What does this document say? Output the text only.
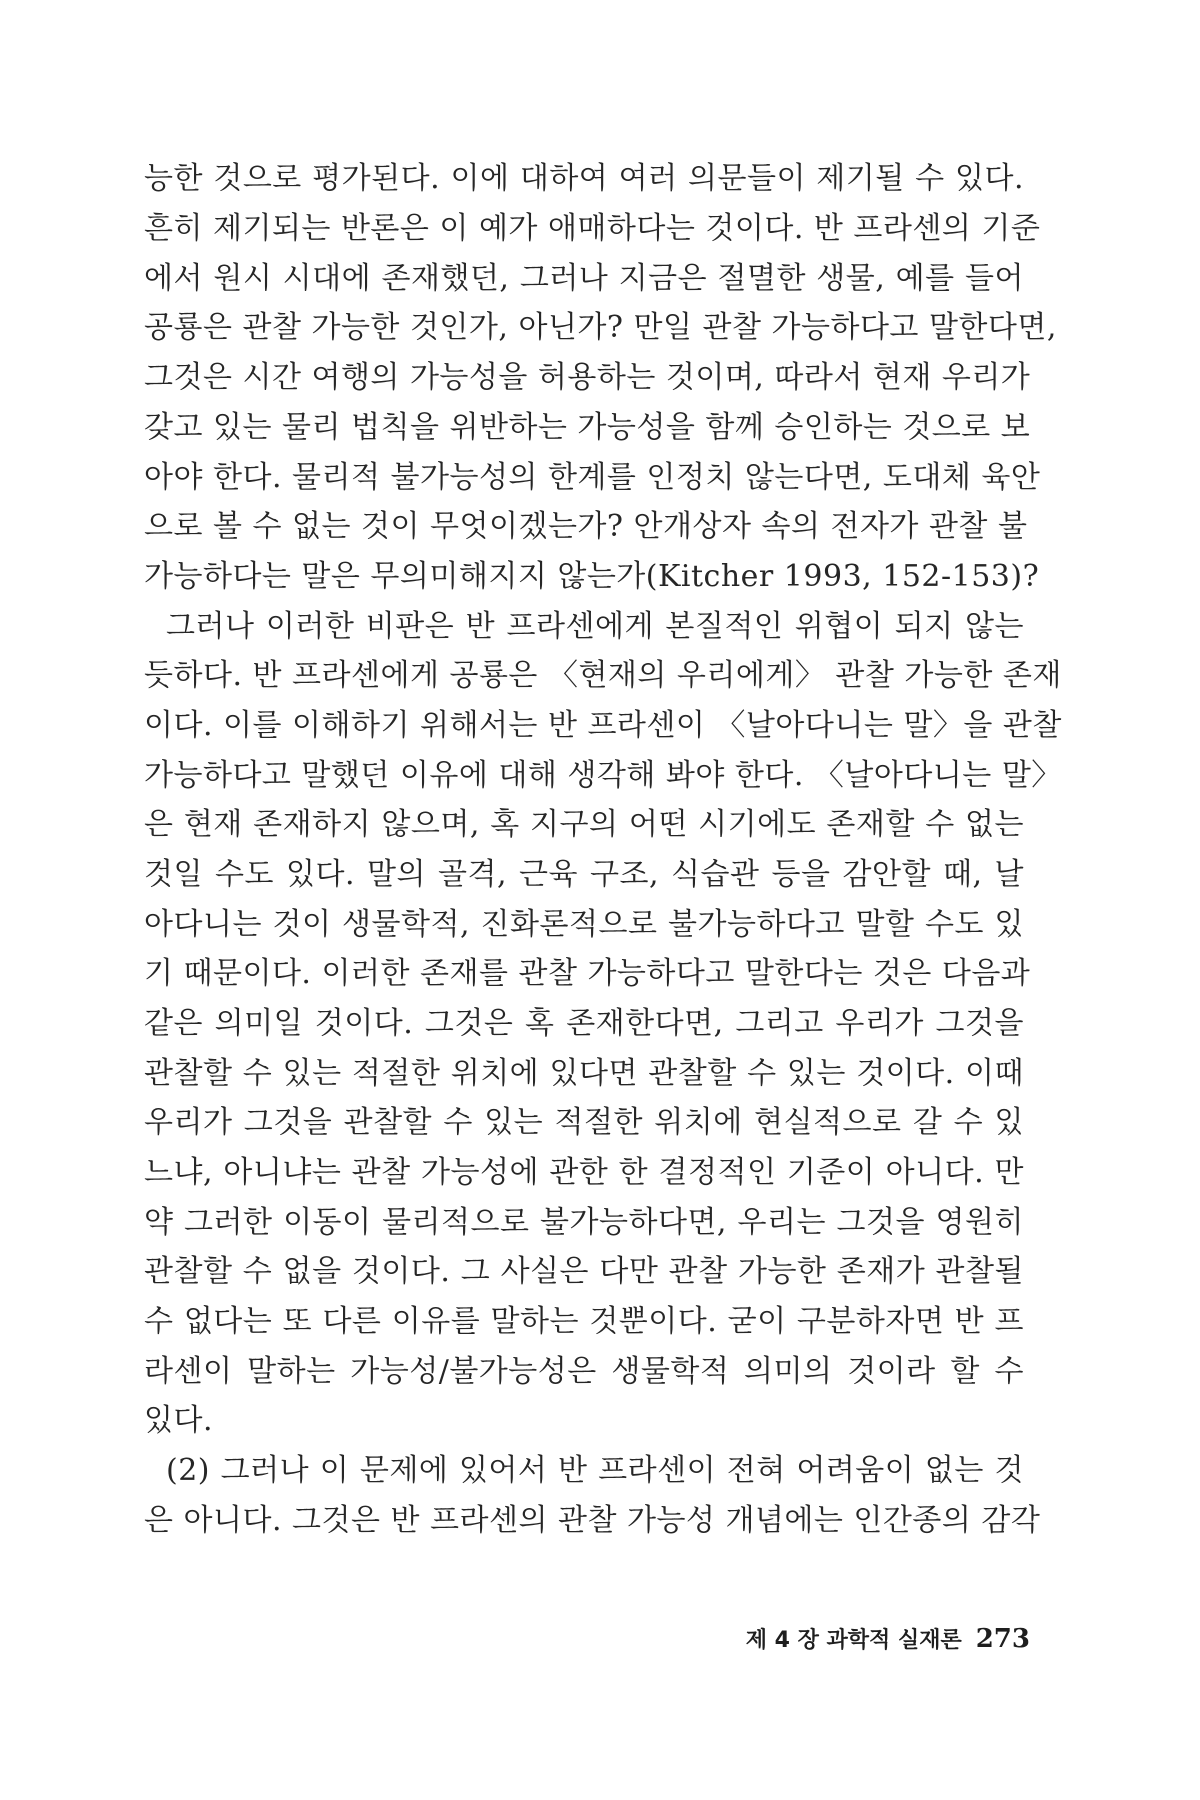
능한 것으로 평가된다. 이에 대하여 여러 의문들이 제기될 수 있다.
흔히 제기되는 반론은 이 예가 애매하다는 것이다. 반 프라센의 기준
에서 원시 시대에 존재했던, 그러나 지금은 절멸한 생물, 예를 들어
공룡은 관찰 가능한 것인가, 아닌가? 만일 관찰 가능하다고 말한다면,
그것은 시간 여행의 가능성을 허용하는 것이며, 따라서 현재 우리가
갖고 있는 물리 법칙을 위반하는 가능성을 함께 승인하는 것으로 보
아야 한다. 물리적 불가능성의 한계를 인정치 않는다면, 도대체 육안
으로 볼 수 없는 것이 무엇이겠는가? 안개상자 속의 전자가 관찰 불
가능하다는 말은 무의미해지지 않는가(Kitcher 1993, 152-153)?
그러나 이러한 비판은 반 프라센에게 본질적인 위협이 되지 않는
듯하다. 반 프라센에게 공룡은 〈현재의 우리에게〉 관찰 가능한 존재
이다. 이를 이해하기 위해서는 반 프라센이 〈날아다니는 말〉을 관찰
가능하다고 말했던 이유에 대해 생각해 봐야 한다. 〈날아다니는 말〉
은 현재 존재하지 않으며, 혹 지구의 어떤 시기에도 존재할 수 없는
것일 수도 있다. 말의 골격, 근육 구조, 식습관 등을 감안할 때, 날
아다니는 것이 생물학적, 진화론적으로 불가능하다고 말할 수도 있
기 때문이다. 이러한 존재를 관찰 가능하다고 말한다는 것은 다음과
같은 의미일 것이다. 그것은 혹 존재한다면, 그리고 우리가 그것을
관찰할 수 있는 적절한 위치에 있다면 관찰할 수 있는 것이다. 이때
우리가 그것을 관찰할 수 있는 적절한 위치에 현실적으로 갈 수 있
느냐, 아니냐는 관찰 가능성에 관한 한 결정적인 기준이 아니다. 만
약 그러한 이동이 물리적으로 불가능하다면, 우리는 그것을 영원히
관찰할 수 없을 것이다. 그 사실은 다만 관찰 가능한 존재가 관찰될
수 없다는 또 다른 이유를 말하는 것뿐이다. 굳이 구분하자면 반 프
라센이 말하는 가능성/불가능성은 생물학적 의미의 것이라 할 수
있다.
(2) 그러나 이 문제에 있어서 반 프라센이 전혀 어려움이 없는 것
은 아니다. 그것은 반 프라센의 관찰 가능성 개념에는 인간종의 감각
제 4 장 과학적 실재론 273
